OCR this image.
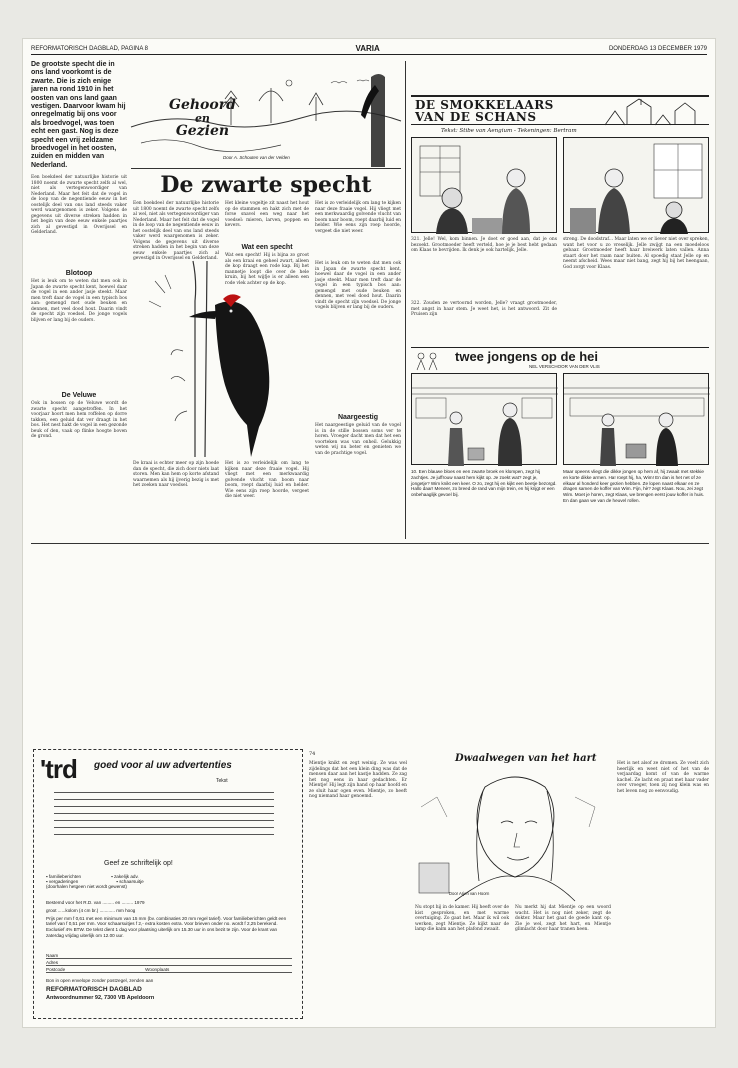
REFORMATORISCH DAGBLAD, PAGINA 8	VARIA	DONDERDAG 13 DECEMBER 1979
De grootste specht die in ons land voorkomt is de zwarte. Die is zich enige jaren na rond 1910 in het oosten van ons land gaan vestigen. Daarvoor kwam hij onregelmatig bij ons voor als broedvogel, was toen echt een gast. Nog is deze specht een vrij zeldzame broedvogel in het oosten, zuiden en midden van Nederland.
Een boekdeel der natuurlijke historie uit 1800 noemt de zwarte specht zelfs al wel, niet als vertegenwoordiger van Nederland. Maar het feit dat de vogel in de loop van de negentiende eeuw in het oostelijk deel van ons land steeds vaker werd waargenomen is zeker. Volgens de gegevens uit diverse streken hadden in het begin van deze eeuw enkele paartjes zich al gevestigd in Overijssel en Gelderland.
Blotoop
Het is leuk om te weten dat men ook in Japan de zwarte specht kent, hoewel daar de vogel in een ander jasje steekt. Maar men treft daar de vogel in een typisch bos aan: gemengd met oude beuken en dennen, met veel dood hout. Daarin vindt de specht zijn voedsel. De jonge vogels blijven er lang bij de ouders.
De Veluwe
Ook in bossen op de Veluwe wordt de zwarte specht aangetroffen. In het voorjaar hoort men hem roffelen op dorre takken, een geluid dat ver draagt in het bos. Het nest hakt de vogel in een gezonde beuk of den, vaak op flinke hoogte boven de grond.
Gehoord
en
Gezien
Door A. Schouten van der Velden
De zwarte specht
Een boekdeel der natuurlijke historie uit 1800 noemt de zwarte specht zelfs al wel, niet als vertegenwoordiger van Nederland. Maar het feit dat de vogel in de loop van de negentiende eeuw in het oostelijk deel van ons land steeds vaker werd waargenomen is zeker. Volgens de gegevens uit diverse streken hadden in het begin van deze eeuw enkele paartjes zich al gevestigd in Overijssel en Gelderland.
Het kleine vogeltje zit naast het hout op de stammen en hakt zich met de forse snavel een weg naar het voedsel: mieren, larven, poppen en kevers.
Wat een specht
Wat een specht! Hij is bijna zo groot als een kraai en geheel zwart, alleen de kop draagt een rode kap. Bij het mannetje loopt die over de hele kruin, bij het wijfje is er alleen een rode vlek achter op de kop.
Het is zo verleidelijk om lang te kijken naar deze fraaie vogel. Hij vliegt met een merkwaardig golvende vlucht van boom naar boom, roept daarbij luid en helder. Wie eens zijn roep hoorde, vergeet die niet weer.
De kraai is echter meer op zijn hoede dan de specht, die zich door niets laat storen. Men kan hem op korte afstand waarnemen als hij ijverig bezig is met het zoeken naar voedsel.
Het is zo verleidelijk om lang te kijken naar deze fraaie vogel. Hij vliegt met een merkwaardig golvende vlucht van boom naar boom, roept daarbij luid en helder. Wie eens zijn roep hoorde, vergeet die niet weer.
Het is leuk om te weten dat men ook in Japan de zwarte specht kent, hoewel daar de vogel in een ander jasje steekt. Maar men treft daar de vogel in een typisch bos aan: gemengd met oude beuken en dennen, met veel dood hout. Daarin vindt de specht zijn voedsel. De jonge vogels blijven er lang bij de ouders.
Naargeestig
Het naargeestige geluid van de vogel is in de stille bossen soms ver te horen. Vroeger dacht men dat het een voorteken was van onheil. Gelukkig weten wij nu beter en genieten we van de prachtige vogel.
DE SMOKKELAARS
VAN DE SCHANS
Tekst: Stibe van Aengium - Tekeningen: Bertram
321. Jelle! Wel, kom binnen. Je doet er goed aan, dat je ons bezoekt. Grootmoeder heeft verteld, hoe je je best hebt gedaan om Klaas te bevrijden. Ik denk je ook hartelijk, Jelle.
322. Zouden ze vertoornd worden, Jelle? vraagt grootmoeder, met angst in haar stem. Je weet het, is het antwoord. Zit de Pruisen zijn
streng. De doodstraf... Maar laten we er liever niet over spreken, want het voor u zo vreselijk. Jelle zwijgt na een moedeloos gebaar. Grootmoeder heeft haar breiwerk laten vallen. Anna staart door het raam naar buiten. Al spoedig staat Jelle op en neemt afscheid. Wees maar niet bang, zegt hij bij het heengaan, God zorgt voor Klaas.
twee jongens op de hei
NEL VERSCHOOR VAN DER VLIS
10. Een blauwe bloes en een zwarte broek en klompen, zegt hij zachtjes. Je juffrouw naast hem kijkt op. Je zoekt wat? zegt je, jongetje? Wim knikt een keer. O zo, zegt hij en kijkt een beetje bezorgd. Hallo daar! Meneer, zo breed de rand van mijn trein, en hij krijgt er een onbehaaglijk gevoel bij.
Maar opeens vliegt die dikke jongen op hem af, hij zwaait met stekkie en korte dikke armen. Ha! roept hij, ha, Wim! En dan is het net of ze elkaar al honderd keer gezien hebben. Ze lopen naast elkaar en ze dragen samen de koffer van Wim. Fijn, hè? zegt Klaas. Nou, zei zegt Wim. Moet je horen, zegt Klaas, we brengen eerst jouw koffer in huis. En dan gaan we van de heuvel rollen.
'trd goed voor al uw advertenties
Tekst
Geef ze schriftelijk op!
▪ familieberichten	▪ zakelijk adv.
▪ vergaderingen	▪ schaarsuitje
(doorhalen hetgeen niet wordt gewenst)
Bestemd voor het R.D. van ......... en ......... 1979
groot ......kolom (4 cm br.) ............ mm hoog
Prijs per mm f 0,61 met een minimum van 15 mm (bv. combinaties 20 mm regel tarief). Voor familieberichten geldt een tarief van f 0,51 per mm. Voor schaarsuitjes f 2,- extra kosten extra. Voor brieven onder no. wordt f 2,25 berekend. Exclusief 4% BTW. De tekst dient 1 dag voor plaatsing uiterlijk om 15.30 uur in ons bezit te zijn. Voor de krant van zaterdag vrijdag uiterlijk om 12.00 uur.
Naam
Adres
Postcode	Woonplaats
Bon in open envelope zonder postzegel, zenden aan
REFORMATORISCH DAGBLAD
Antwoordnummer 92, 7300 VB Apeldoorn
74
Mientje knikt en zegt weinig. Ze was wel zijdelings dat het een klein ding was dat de mensen daar aan het kastje hadden. Ze zag het nog eens in haar gedachten. Er Mientje! Hij legt zijn hand op haar hoofd en ze sluit haar ogen even. Mientje, zo heeft nog niemand haar genoemd.
Dwaalwegen van het hart
Door Arjen van Hoorn
Nu stopt hij in de kamer. Hij heeft over de kist gesproken, en met warme overtuiging. Zo gaat het. Maar ik wil ook werken, zegt Mientje. Ze kijkt naar de lamp die kalm aan het plafond zwaait.
Nu merkt hij dat Mientje op een woord wacht. Het is nog niet zeker, zegt de dokter. Maar het gaat de goede kant op. Zie je wel, zegt het hart, en Mientje glimlacht door haar tranen heen.
Het is net alsof ze dromen. Ze voelt zich heerlijk en weet niet of het van de verjaardag komt of van de warme kachel. Ze lacht en praat met haar vader over vroeger, toen zij nog klein was en het leven nog zo eenvoudig.
